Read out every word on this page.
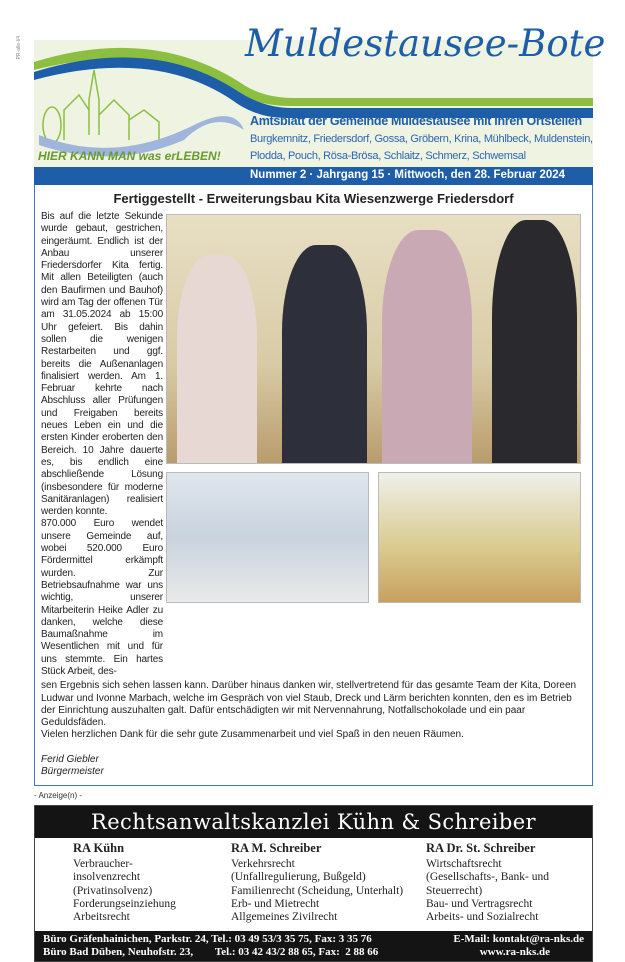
PR-alle-l/4	Muldestausee-Bote
Amtsblatt der Gemeinde Muldestausee mit ihren Ortsteilen
Burgkemnitz, Friedersdorf, Gossa, Gröbern, Krina, Mühlbeck, Muldenstein,
Plodda, Pouch, Rösa-Brösa, Schlaitz, Schmerz, Schwemsal
HIER KANN MAN was erLEBEN!
Nummer 2 · Jahrgang 15 · Mittwoch, den 28. Februar 2024
Fertiggestellt - Erweiterungsbau Kita Wiesenzwerge Friedersdorf

Bis auf die letzte Sekunde wurde gebaut, gestrichen, eingeräumt. Endlich ist der Anbau unserer Friedersdorfer Kita fertig. Mit allen Beteiligten (auch den Baufirmen und Bauhof) wird am Tag der offenen Tür am 31.05.2024 ab 15:00 Uhr gefeiert. Bis dahin sollen die wenigen Restarbeiten und ggf. bereits die Außenanlagen finalisiert werden. Am 1. Februar kehrte nach Abschluss aller Prüfungen und Freigaben bereits neues Leben ein und die ersten Kinder eroberten den Bereich. 10 Jahre dauerte es, bis endlich eine abschließende Lösung (insbesondere für moderne Sanitäranlagen) realisiert werden konnte.

870.000 Euro wendet unsere Gemeinde auf, wobei 520.000 Euro Fördermittel erkämpft wurden. Zur Betriebsaufnahme war uns wichtig, unserer Mitarbeiterin Heike Adler zu danken, welche diese Baumaßnahme im Wesentlichen mit und für uns stemmte. Ein hartes Stück Arbeit, des-

sen Ergebnis sich sehen lassen kann. Darüber hinaus danken wir, stellvertretend für das gesamte Team der Kita, Doreen Ludwar und Ivonne Marbach, welche im Gespräch von viel Staub, Dreck und Lärm berichten konnten, den es im Betrieb der Einrichtung auszuhalten galt. Dafür entschädigten wir mit Nervennahrung, Notfallschokolade und ein paar Geduldsfäden.

Vielen herzlichen Dank für die sehr gute Zusammenarbeit und viel Spaß in den neuen Räumen.

Ferid Giebler
Bürgermeister
- Anzeige(n) -
Rechtsanwaltskanzlei Kühn & Schreiber
RA Kühn
Verbraucher-
insolvenzrecht
(Privatinsolvenz)
Forderungseinziehung
Arbeitsrecht
RA M. Schreiber
Verkehrsrecht
(Unfallregulierung, Bußgeld)
Familienrecht (Scheidung, Unterhalt)
Erb- und Mietrecht
Allgemeines Zivilrecht
RA Dr. St. Schreiber
Wirtschaftsrecht
(Gesellschafts-, Bank- und
Steuerrecht)
Bau- und Vertragsrecht
Arbeits- und Sozialrecht
Büro Gräfenhainichen, Parkstr. 24, Tel.: 03 49 53/3 35 75, Fax: 3 35 76	E-Mail: kontakt@ra-nks.de
Büro Bad Düben, Neuhofstr. 23,        Tel.: 03 42 43/2 88 65, Fax:  2 88 66	www.ra-nks.de
